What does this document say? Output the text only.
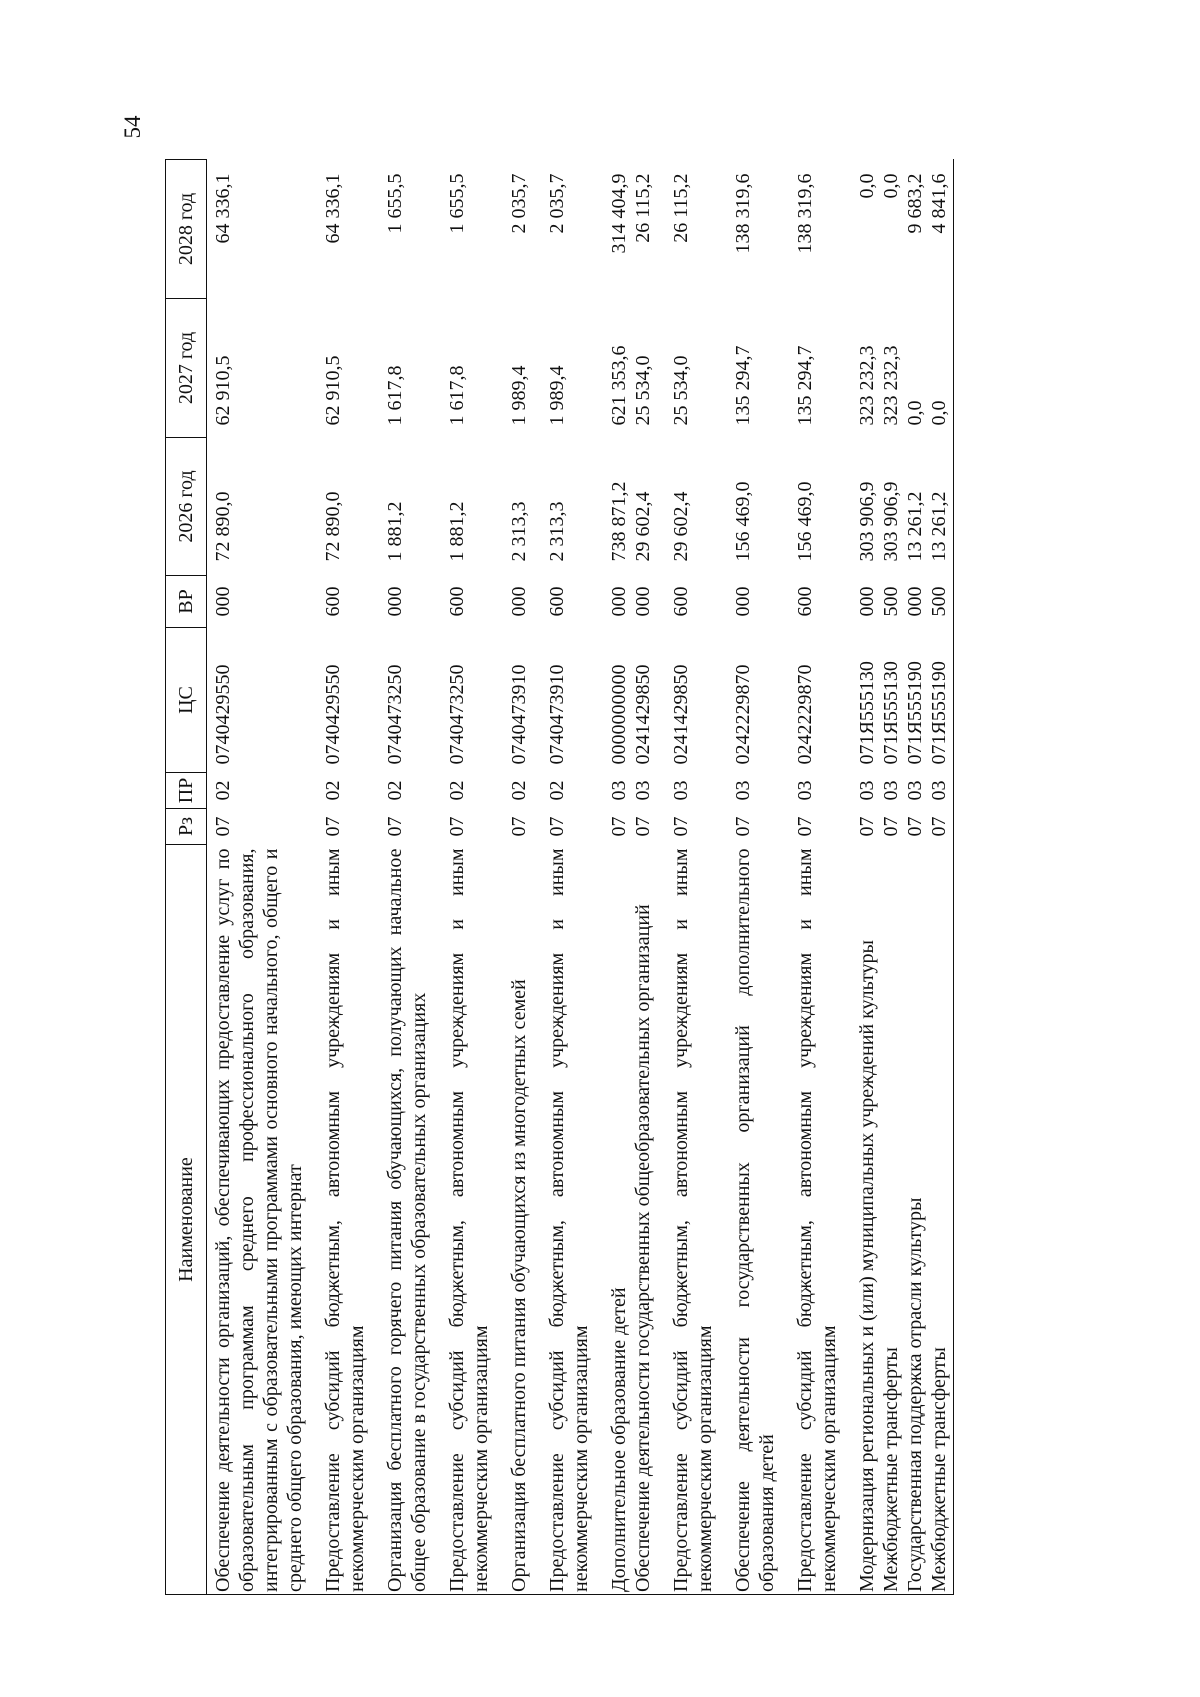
54
Наименование	Рз	ПР	ЦС	ВР	2026 год	2027 год	2028 год
Обеспечение деятельности организаций, обеспечивающих предоставление услуг по образовательным программам среднего профессионального образования, интегрированным с образовательными программами основного начального, общего и среднего общего образования, имеющих интернат	07	02	0740429550	000	72 890,0	62 910,5	64 336,1
Предоставление субсидий бюджетным, автономным учреждениям и иным некоммерческим организациям	07	02	0740429550	600	72 890,0	62 910,5	64 336,1
Организация бесплатного горячего питания обучающихся, получающих начальное общее образование в государственных образовательных организациях	07	02	0740473250	000	1 881,2	1 617,8	1 655,5
Предоставление субсидий бюджетным, автономным учреждениям и иным некоммерческим организациям	07	02	0740473250	600	1 881,2	1 617,8	1 655,5
Организация бесплатного питания обучающихся из многодетных семей	07	02	0740473910	000	2 313,3	1 989,4	2 035,7
Предоставление субсидий бюджетным, автономным учреждениям и иным некоммерческим организациям	07	02	0740473910	600	2 313,3	1 989,4	2 035,7
Дополнительное образование детей	07	03	0000000000	000	738 871,2	621 353,6	314 404,9
Обеспечение деятельности государственных общеобразовательных организаций	07	03	0241429850	000	29 602,4	25 534,0	26 115,2
Предоставление субсидий бюджетным, автономным учреждениям и иным некоммерческим организациям	07	03	0241429850	600	29 602,4	25 534,0	26 115,2
Обеспечение деятельности государственных организаций дополнительного образования детей	07	03	0242229870	000	156 469,0	135 294,7	138 319,6
Предоставление субсидий бюджетным, автономным учреждениям и иным некоммерческим организациям	07	03	0242229870	600	156 469,0	135 294,7	138 319,6
Модернизация региональных и (или) муниципальных учреждений культуры	07	03	071Я555130	000	303 906,9	323 232,3	0,0
Межбюджетные трансферты	07	03	071Я555130	500	303 906,9	323 232,3	0,0
Государственная поддержка отрасли культуры	07	03	071Я555190	000	13 261,2	0,0	9 683,2
Межбюджетные трансферты	07	03	071Я555190	500	13 261,2	0,0	4 841,6
